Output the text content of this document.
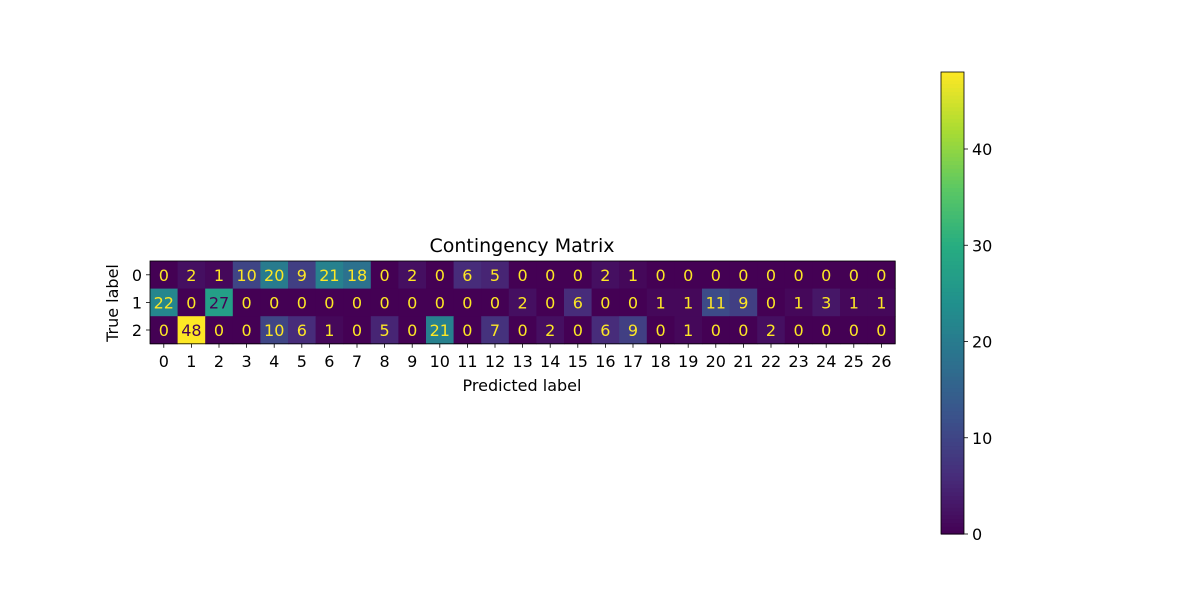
Contingency Matrix
0 2 1 10 20 9 21 18 0 2 0 6 5 0 0 0 2 1 0 0 0 0 0 0 0 0 0
22 0 27 0 0 0 0 0 0 0 0 0 0 2 0 6 0 0 1 1 11 9 0 1 3 1 1
0 48 0 0 10 6 1 0 5 0 21 0 7 0 2 0 6 9 0 1 0 0 2 0 0 0 0
0 1 2 3 4 5 6 7 8 9 10 11 12 13 14 15 16 17 18 19 20 21 22 23 24 25 26
0
1
2
Predicted label
True label
0
10
20
30
40
